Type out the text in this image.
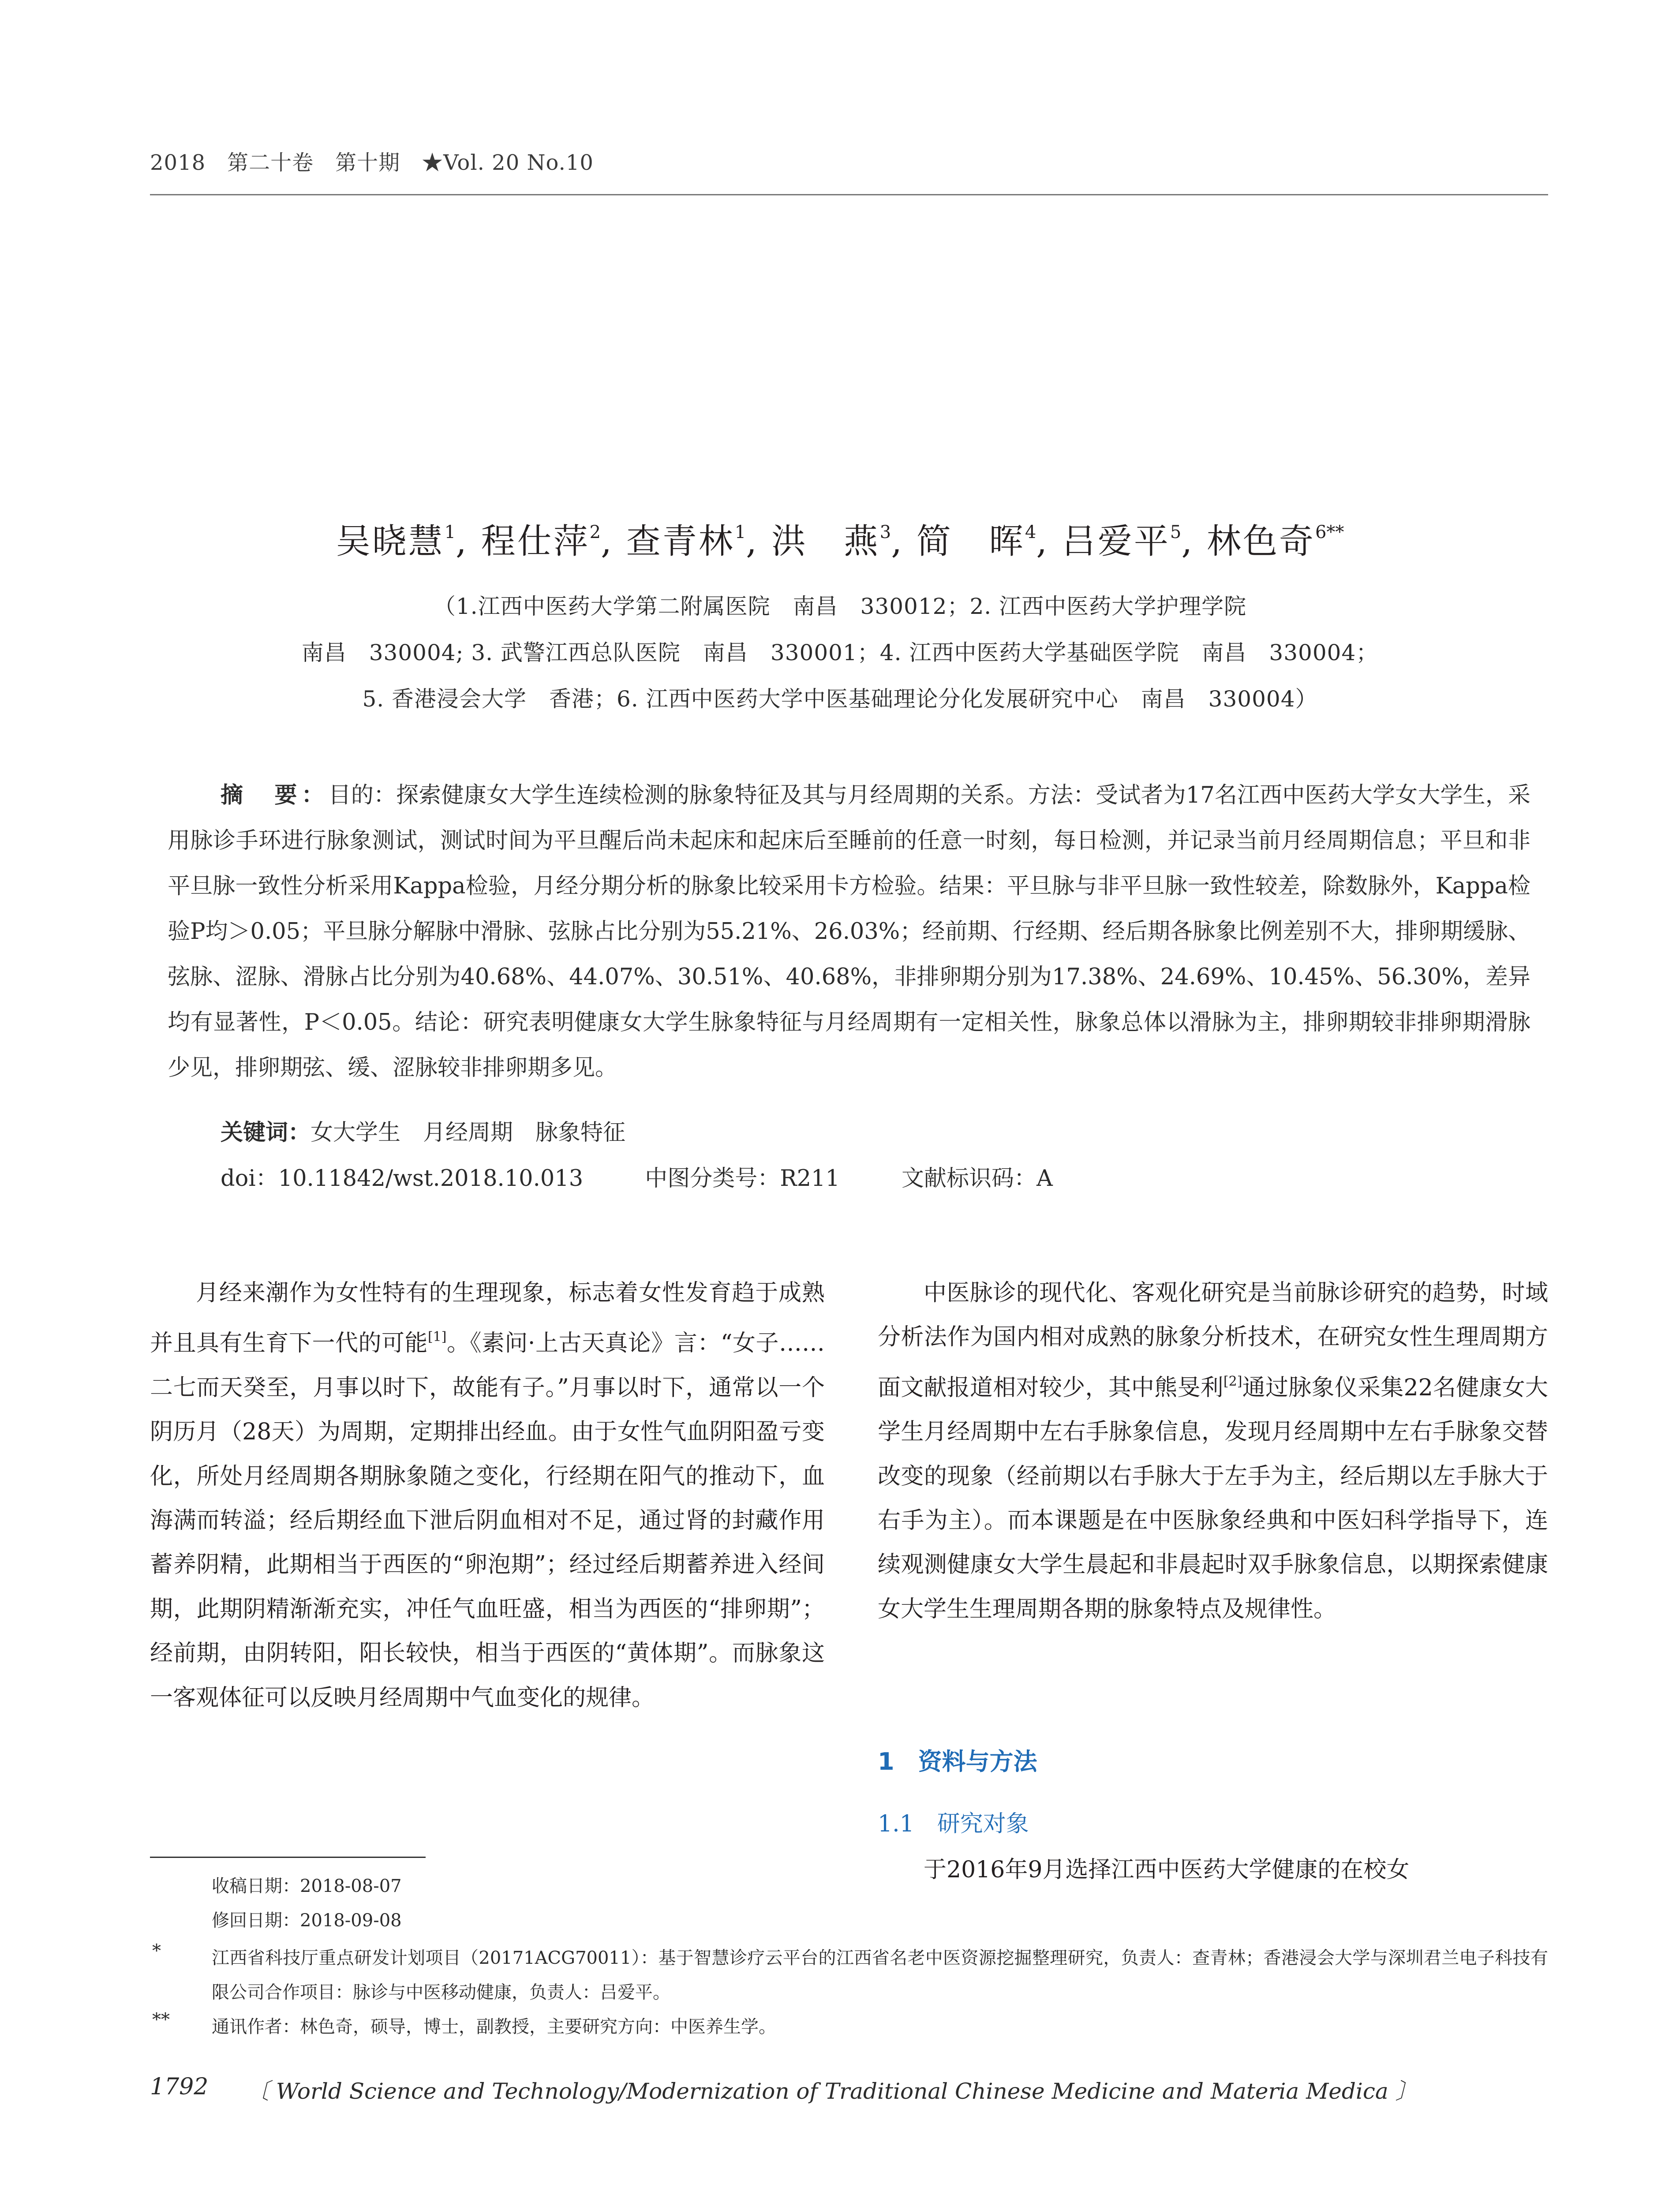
2018　第二十卷　第十期　★Vol. 20 No.10
吴晓慧$^1$, 程仕萍$^2$, 查青林$^1$, 洪　燕$^3$, 简　晖$^4$, 吕爱平$^5$, 林色奇$^{6**}$
（1.江西中医药大学第二附属医院　南昌　330012；2. 江西中医药大学护理学院
南昌　330004; 3. 武警江西总队医院　南昌　330001；4. 江西中医药大学基础医学院　南昌　330004；
5. 香港浸会大学　香港；6. 江西中医药大学中医基础理论分化发展研究中心　南昌　330004）
摘　要：目的：探索健康女大学生连续检测的脉象特征及其与月经周期的关系。方法：受试者为17名江西中医药大学女大学生，采用脉诊手环进行脉象测试，测试时间为平旦醒后尚未起床和起床后至睡前的任意一时刻，每日检测，并记录当前月经周期信息；平旦和非平旦脉一致性分析采用Kappa检验，月经分期分析的脉象比较采用卡方检验。结果：平旦脉与非平旦脉一致性较差，除数脉外，Kappa检验P均＞0.05；平旦脉分解脉中滑脉、弦脉占比分别为55.21%、26.03%；经前期、行经期、经后期各脉象比例差别不大，排卵期缓脉、弦脉、涩脉、滑脉占比分别为40.68%、44.07%、30.51%、40.68%，非排卵期分别为17.38%、24.69%、10.45%、56.30%，差异均有显著性，P＜0.05。结论：研究表明健康女大学生脉象特征与月经周期有一定相关性，脉象总体以滑脉为主，排卵期较非排卵期滑脉少见，排卵期弦、缓、涩脉较非排卵期多见。
关键词：女大学生　月经周期　脉象特征
doi：10.11842/wst.2018.10.013	中图分类号：R211	文献标识码：A

月经来潮作为女性特有的生理现象，标志着女性发育趋于成熟并且具有生育下一代的可能[1]。《素问·上古天真论》言：“女子……二七而天癸至，月事以时下，故能有子。”月事以时下，通常以一个阴历月（28天）为周期，定期排出经血。由于女性气血阴阳盈亏变化，所处月经周期各期脉象随之变化，行经期在阳气的推动下，血海满而转溢；经后期经血下泄后阴血相对不足，通过肾的封藏作用蓄养阴精，此期相当于西医的“卵泡期”；经过经后期蓄养进入经间期，此期阴精渐渐充实，冲任气血旺盛，相当为西医的“排卵期”；经前期，由阴转阳，阳长较快，相当于西医的“黄体期”。而脉象这一客观体征可以反映月经周期中气血变化的规律。

中医脉诊的现代化、客观化研究是当前脉诊研究的趋势，时域分析法作为国内相对成熟的脉象分析技术，在研究女性生理周期方面文献报道相对较少，其中熊旻利[2]通过脉象仪采集22名健康女大学生月经周期中左右手脉象信息，发现月经周期中左右手脉象交替改变的现象（经前期以右手脉大于左手为主，经后期以左手脉大于右手为主）。而本课题是在中医脉象经典和中医妇科学指导下，连续观测健康女大学生晨起和非晨起时双手脉象信息，以期探索健康女大学生生理周期各期的脉象特点及规律性。

1　资料与方法
1.1　研究对象
于2016年9月选择江西中医药大学健康的在校女
收稿日期：2018-08-07
修回日期：2018-09-08
*	江西省科技厅重点研发计划项目（20171ACG70011）：基于智慧诊疗云平台的江西省名老中医资源挖掘整理研究，负责人：查青林；香港浸会大学与深圳君兰电子科技有限公司合作项目：脉诊与中医移动健康，负责人：吕爱平。
** 通讯作者：林色奇，硕导，博士，副教授，主要研究方向：中医养生学。
1792 〔 World Science and Technology/Modernization of Traditional Chinese Medicine and Materia Medica 〕
